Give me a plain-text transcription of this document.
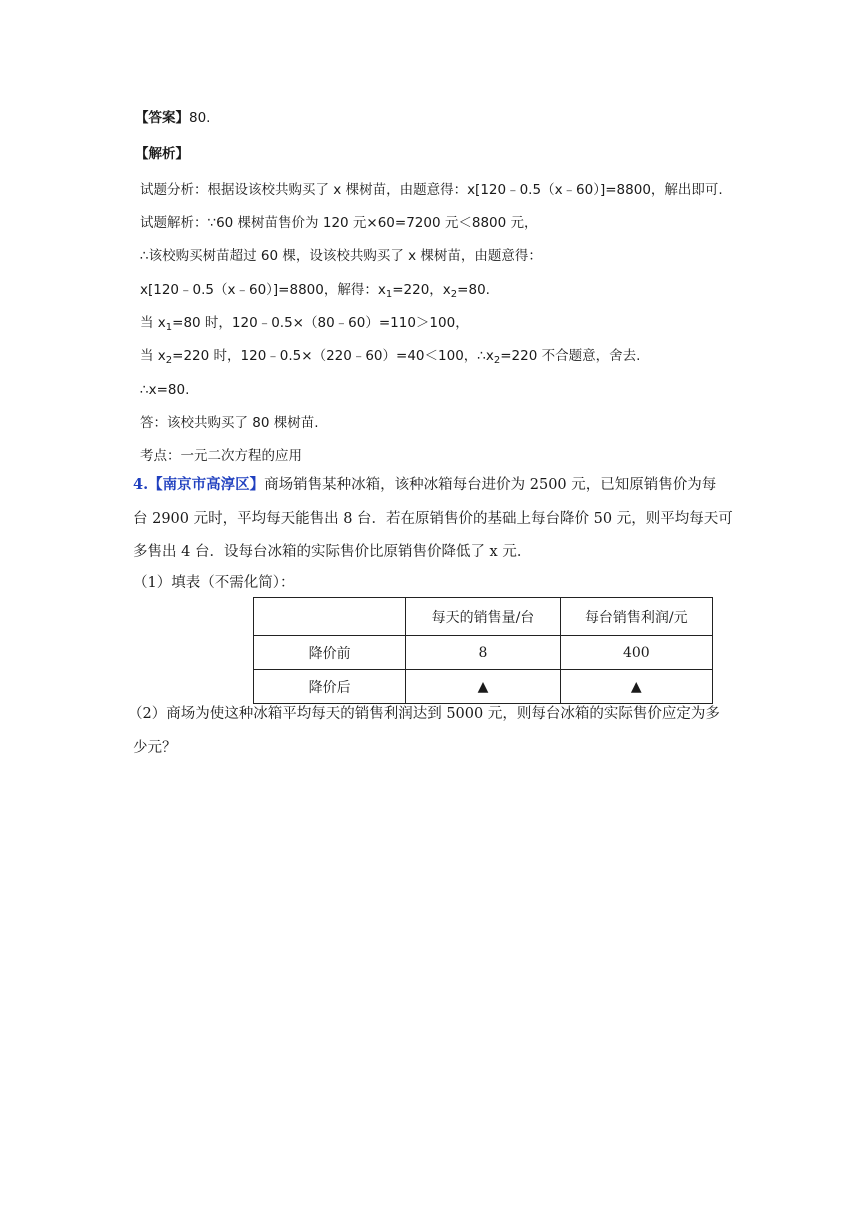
【答案】80.
【解析】
试题分析：根据设该校共购买了 x 棵树苗，由题意得：x[120﹣0.5（x﹣60）]=8800，解出即可.
试题解析：∵60 棵树苗售价为 120 元×60=7200 元＜8800 元，
∴该校购买树苗超过 60 棵，设该校共购买了 x 棵树苗，由题意得：
x[120﹣0.5（x﹣60）]=8800，解得：$x_1=220$，$x_2=80$.
当 $x_1=80$ 时，120﹣0.5×（80﹣60）=110＞100，
当 $x_2=220$ 时，120﹣0.5×（220﹣60）=40＜100，$\therefore x_2=220$ 不合题意，舍去.
∴x=80.
答：该校共购买了 80 棵树苗.
考点：一元二次方程的应用
4.【南京市高淳区】商场销售某种冰箱，该种冰箱每台进价为 2500 元，已知原销售价为每
台 2900 元时，平均每天能售出 8 台．若在原销售价的基础上每台降价 50 元，则平均每天可
多售出 4 台．设每台冰箱的实际售价比原销售价降低了 x 元．
（1）填表（不需化简）：
	每天的销售量/台	每台销售利润/元
降价前	8	400
降价后	▲	▲
（2）商场为使这种冰箱平均每天的销售利润达到 5000 元，则每台冰箱的实际售价应定为多
少元？
